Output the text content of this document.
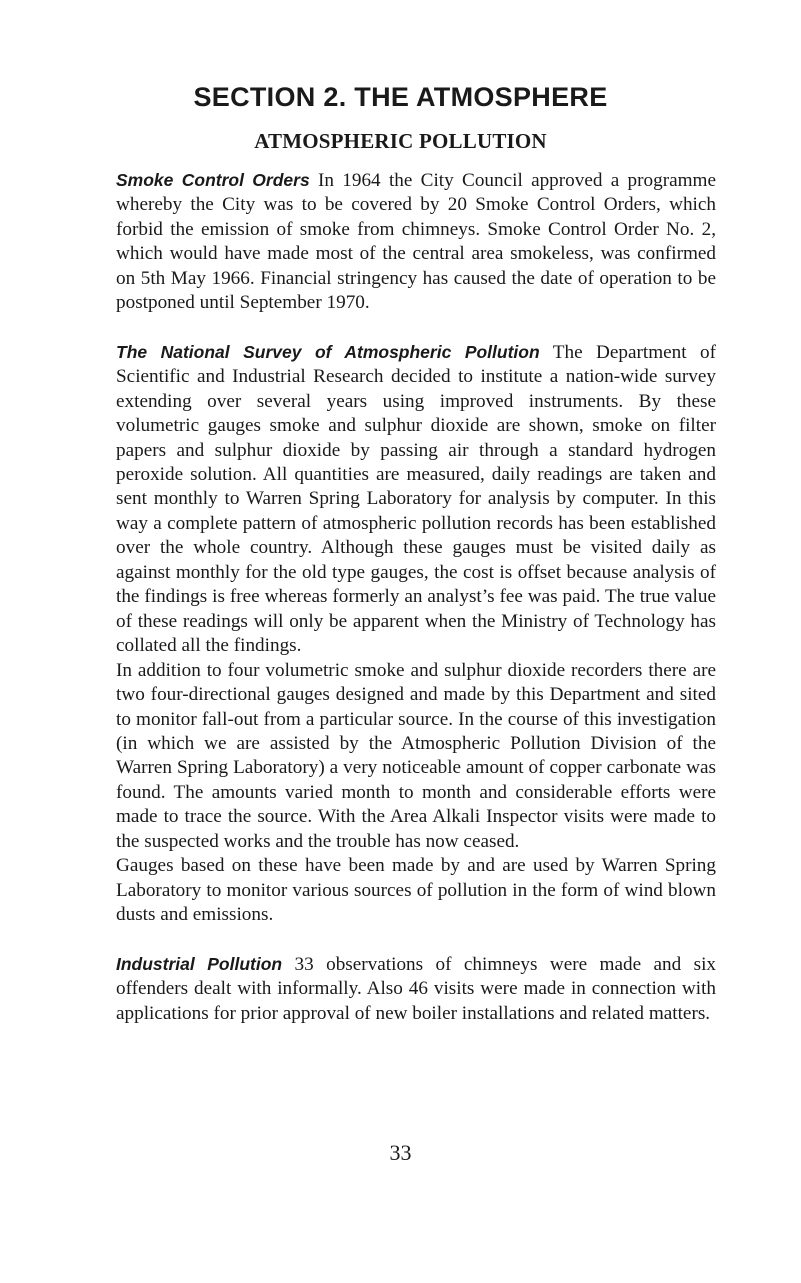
SECTION 2. THE ATMOSPHERE
ATMOSPHERIC POLLUTION

Smoke Control Orders In 1964 the City Council approved a programme whereby the City was to be covered by 20 Smoke Control Orders, which forbid the emission of smoke from chimneys. Smoke Control Order No. 2, which would have made most of the central area smokeless, was confirmed on 5th May 1966. Financial stringency has caused the date of operation to be postponed until September 1970.

The National Survey of Atmospheric Pollution The Department of Scientific and Industrial Research decided to institute a nation-wide survey extending over several years using improved instruments. By these volumetric gauges smoke and sulphur dioxide are shown, smoke on filter papers and sulphur dioxide by passing air through a standard hydrogen peroxide solution. All quantities are measured, daily readings are taken and sent monthly to Warren Spring Laboratory for analysis by computer. In this way a complete pattern of atmospheric pollution records has been established over the whole country. Although these gauges must be visited daily as against monthly for the old type gauges, the cost is offset because analysis of the findings is free whereas formerly an analyst’s fee was paid. The true value of these readings will only be apparent when the Ministry of Technology has collated all the findings.

In addition to four volumetric smoke and sulphur dioxide recorders there are two four-directional gauges designed and made by this Department and sited to monitor fall-out from a particular source. In the course of this investigation (in which we are assisted by the Atmospheric Pollution Division of the Warren Spring Laboratory) a very noticeable amount of copper carbonate was found. The amounts varied month to month and considerable efforts were made to trace the source. With the Area Alkali Inspector visits were made to the suspected works and the trouble has now ceased.

Gauges based on these have been made by and are used by Warren Spring Laboratory to monitor various sources of pollution in the form of wind blown dusts and emissions.

Industrial Pollution 33 observations of chimneys were made and six offenders dealt with informally. Also 46 visits were made in connection with applications for prior approval of new boiler installations and related matters.

33
